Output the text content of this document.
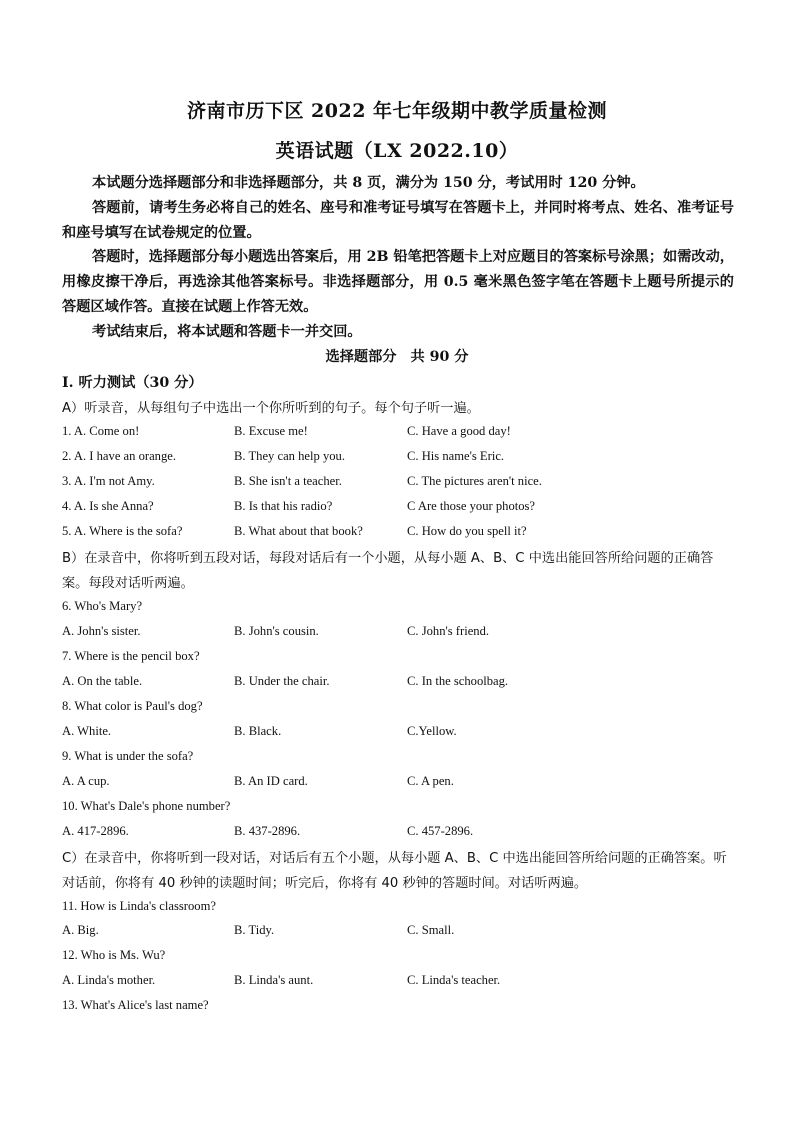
济南市历下区 2022 年七年级期中教学质量检测
英语试题（LX 2022.10）
本试题分选择题部分和非选择题部分，共 8 页，满分为 150 分，考试用时 120 分钟。
答题前，请考生务必将自己的姓名、座号和准考证号填写在答题卡上，并同时将考点、姓名、准考证号和座号填写在试卷规定的位置。
答题时，选择题部分每小题选出答案后，用 2B 铅笔把答题卡上对应题目的答案标号涂黑；如需改动，用橡皮擦干净后，再选涂其他答案标号。非选择题部分，用 0.5 毫米黑色签字笔在答题卡上题号所提示的答题区域作答。直接在试题上作答无效。
考试结束后，将本试题和答题卡一并交回。
选择题部分 共 90 分
Ⅰ. 听力测试（30 分）
A）听录音，从每组句子中选出一个你所听到的句子。每个句子听一遍。
1. A. Come on!	B. Excuse me!	C. Have a good day!
2. A. I have an orange.	B. They can help you.	C. His name's Eric.
3. A. I'm not Amy.	B. She isn't a teacher.	C. The pictures aren't nice.
4. A. Is she Anna?	B. Is that his radio?	C Are those your photos?
5. A. Where is the sofa?	B. What about that book?	C. How do you spell it?
B）在录音中，你将听到五段对话，每段对话后有一个小题，从每小题 A、B、C 中选出能回答所给问题的正确答案。每段对话听两遍。
6. Who's Mary?
A. John's sister.	B. John's cousin.	C. John's friend.
7. Where is the pencil box?
A. On the table.	B. Under the chair.	C. In the schoolbag.
8. What color is Paul's dog?
A. White.	B. Black.	C.Yellow.
9. What is under the sofa?
A. A cup.	B. An ID card.	C. A pen.
10. What's Dale's phone number?
A. 417-2896.	B. 437-2896.	C. 457-2896.
C）在录音中，你将听到一段对话，对话后有五个小题，从每小题 A、B、C 中选出能回答所给问题的正确答案。听对话前，你将有 40 秒钟的读题时间；听完后，你将有 40 秒钟的答题时间。对话听两遍。
11. How is Linda's classroom?
A. Big.	B. Tidy.	C. Small.
12. Who is Ms. Wu?
A. Linda's mother.	B. Linda's aunt.	C. Linda's teacher.
13. What's Alice's last name?
